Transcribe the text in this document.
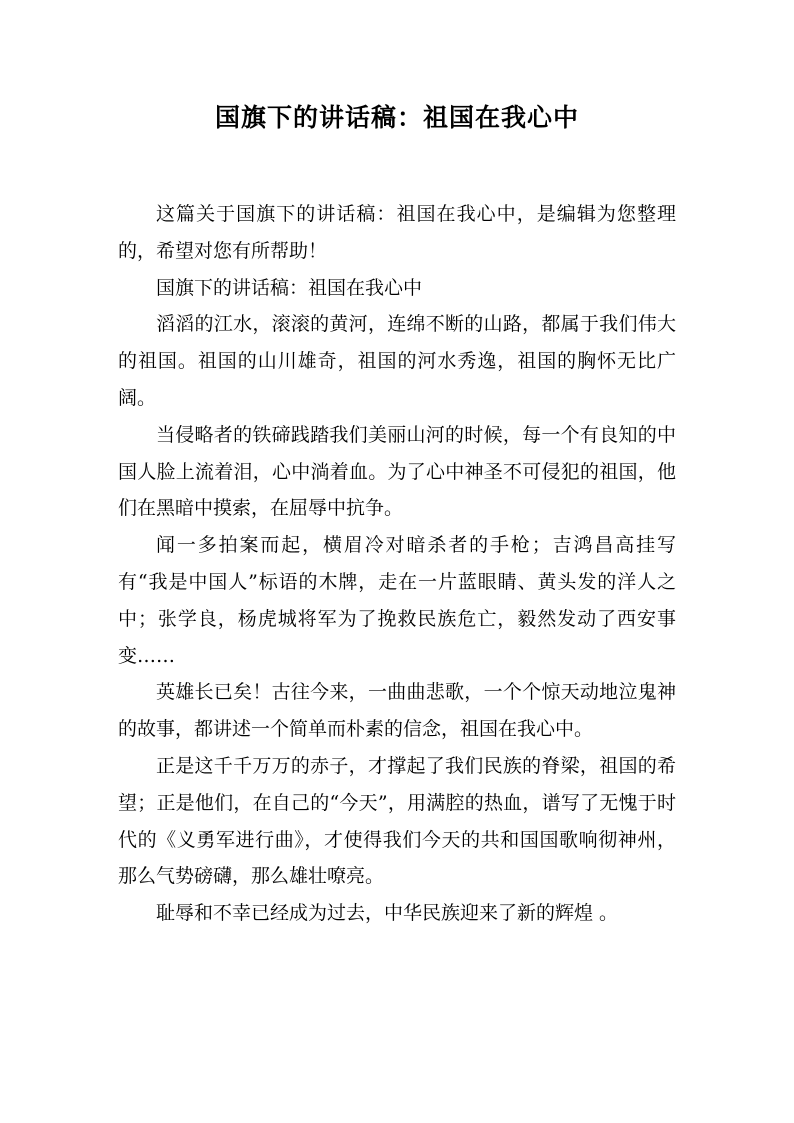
国旗下的讲话稿：祖国在我心中

这篇关于国旗下的讲话稿：祖国在我心中，是编辑为您整理的，希望对您有所帮助！

国旗下的讲话稿：祖国在我心中

滔滔的江水，滚滚的黄河，连绵不断的山路，都属于我们伟大的祖国。祖国的山川雄奇，祖国的河水秀逸，祖国的胸怀无比广阔。

当侵略者的铁碲践踏我们美丽山河的时候，每一个有良知的中国人脸上流着泪，心中淌着血。为了心中神圣不可侵犯的祖国，他们在黑暗中摸索，在屈辱中抗争。

闻一多拍案而起，横眉冷对暗杀者的手枪；吉鸿昌高挂写有“我是中国人”标语的木牌，走在一片蓝眼睛、黄头发的洋人之中；张学良，杨虎城将军为了挽救民族危亡，毅然发动了西安事变……

英雄长已矣！古往今来，一曲曲悲歌，一个个惊天动地泣鬼神的故事，都讲述一个简单而朴素的信念，祖国在我心中。

正是这千千万万的赤子，才撑起了我们民族的脊梁，祖国的希望；正是他们，在自己的“今天”，用满腔的热血，谱写了无愧于时代的《义勇军进行曲》，才使得我们今天的共和国国歌响彻神州，那么气势磅礴，那么雄壮嘹亮。

耻辱和不幸已经成为过去，中华民族迎来了新的辉煌 。
